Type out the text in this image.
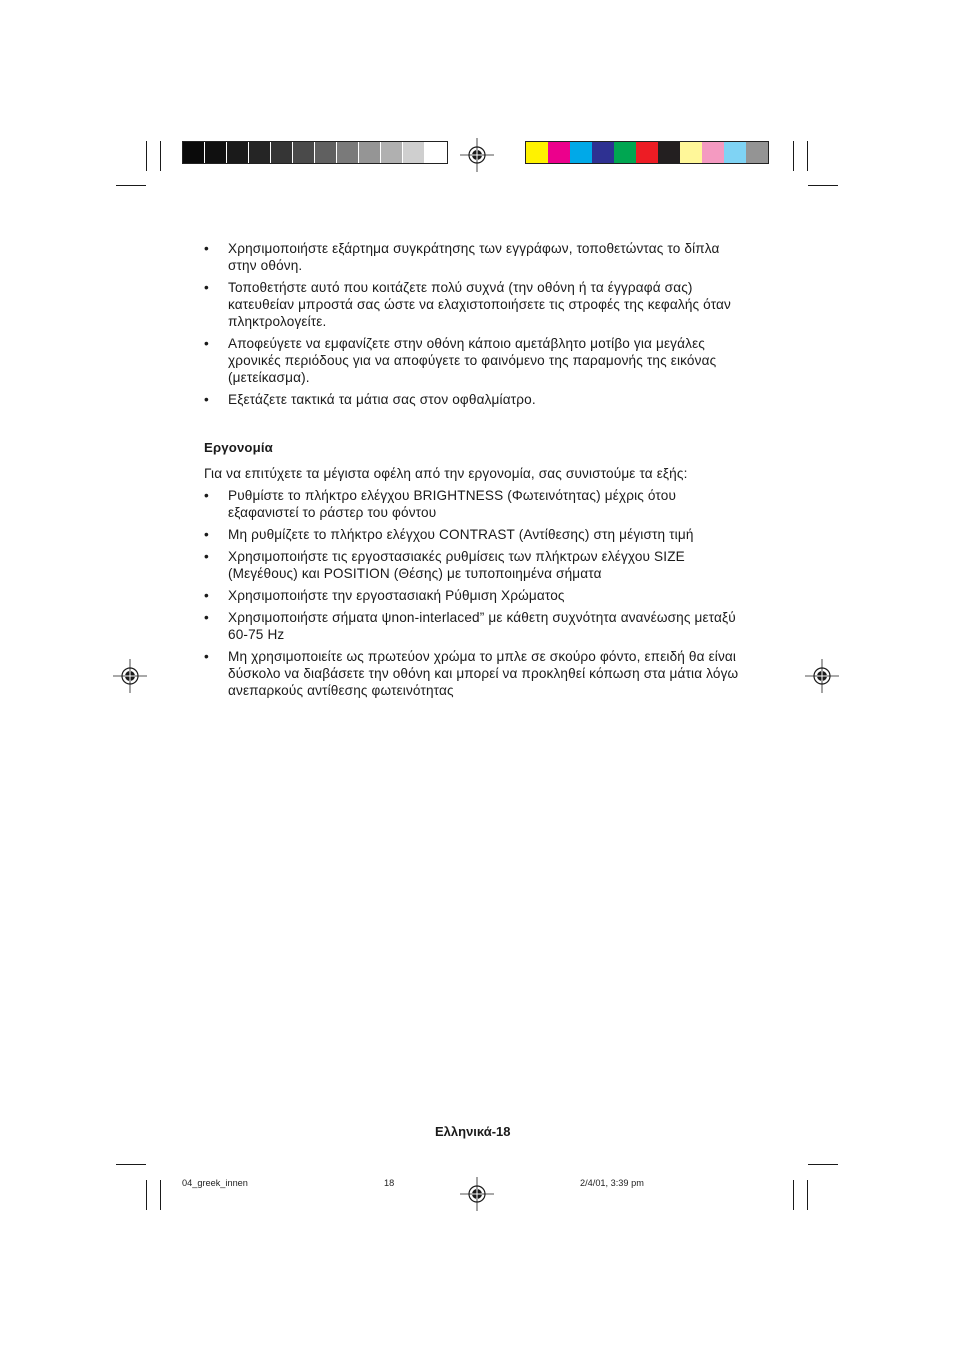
• Χρησιμοποιήστε εξάρτημα συγκράτησης των εγγράφων, τοποθετώντας το δίπλα στην οθόνη.
• Τοποθετήστε αυτό που κοιτάζετε πολύ συχνά (την οθόνη ή τα έγγραφά σας) κατευθείαν μπροστά σας ώστε να ελαχιστοποιήσετε τις στροφές της κεφαλής όταν πληκτρολογείτε.
• Αποφεύγετε να εμφανίζετε στην οθόνη κάποιο αμετάβλητο μοτίβο για μεγάλες χρονικές περιόδους για να αποφύγετε το φαινόμενο της παραμονής της εικόνας (μετείκασμα).
• Εξετάζετε τακτικά τα μάτια σας στον οφθαλμίατρο.
Εργονομία

Για να επιτύχετε τα μέγιστα οφέλη από την εργονομία, σας συνιστούμε τα εξής:

• Ρυθμίστε το πλήκτρο ελέγχου BRIGHTNESS (Φωτεινότητας) μέχρις ότου εξαφανιστεί το ράστερ του φόντου
• Μη ρυθμίζετε το πλήκτρο ελέγχου CONTRAST (Αντίθεσης) στη μέγιστη τιμή
• Χρησιμοποιήστε τις εργοστασιακές ρυθμίσεις των πλήκτρων ελέγχου SIZE (Μεγέθους) και POSITION (Θέσης) με τυποποιημένα σήματα
• Χρησιμοποιήστε την εργοστασιακή Ρύθμιση Χρώματος
• Χρησιμοποιήστε σήματα ψnon-interlaced” με κάθετη συχνότητα ανανέωσης μεταξύ 60-75 Hz
• Μη χρησιμοποιείτε ως πρωτεύον χρώμα το μπλε σε σκούρο φόντο, επειδή θα είναι δύσκολο να διαβάσετε την οθόνη και μπορεί να προκληθεί κόπωση στα μάτια λόγω ανεπαρκούς αντίθεσης φωτεινότητας
Ελληνικά-18
04_greek_innen	18	2/4/01, 3:39 pm
